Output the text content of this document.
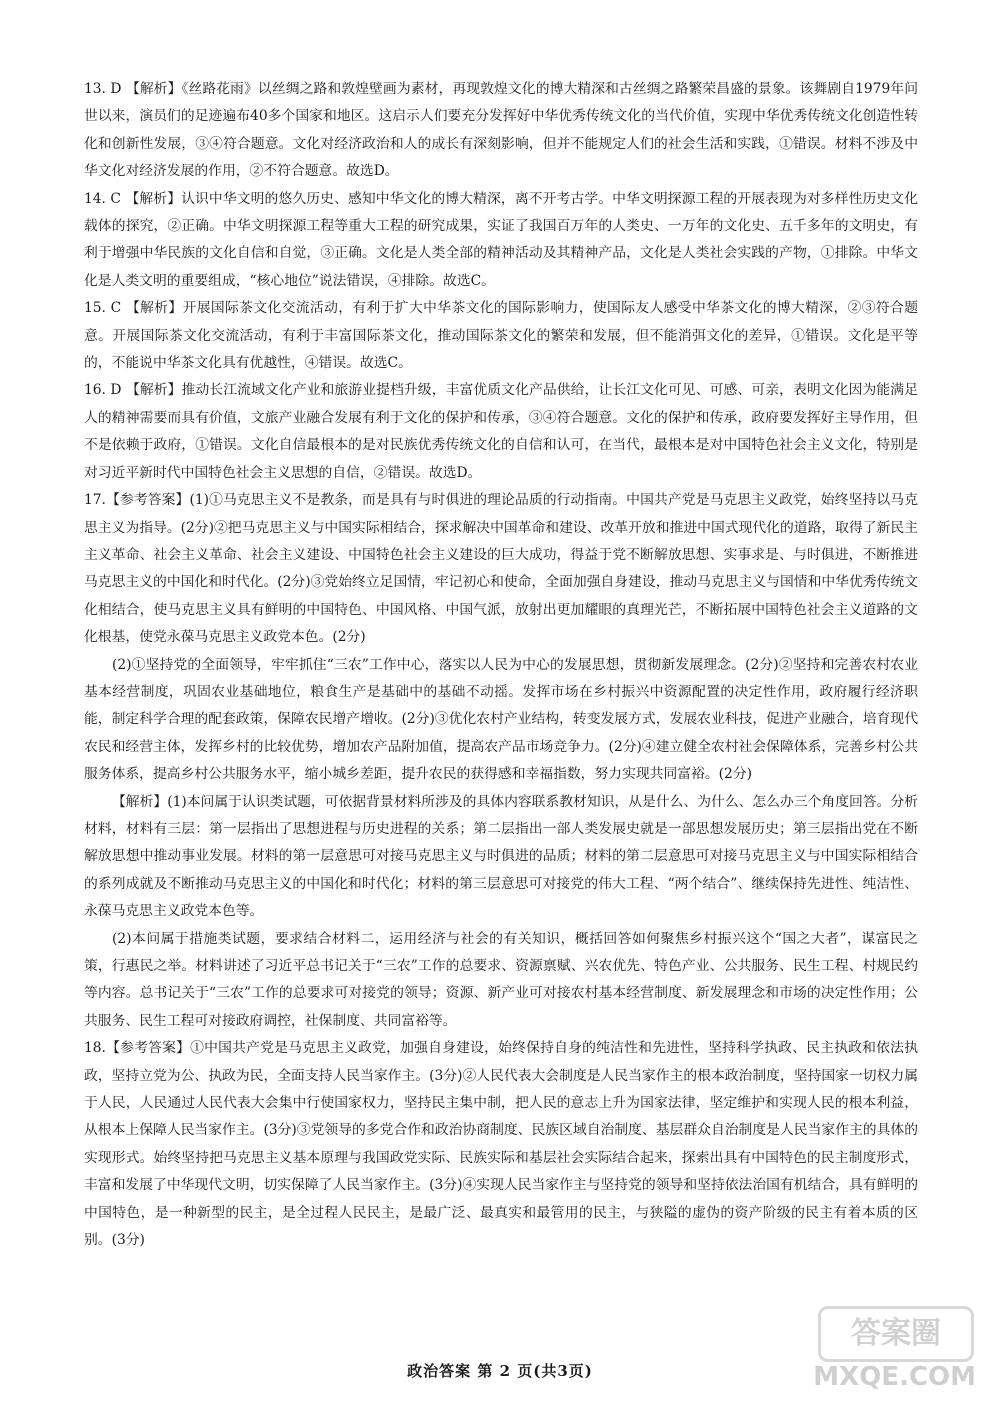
13. D 【解析】《丝路花雨》以丝绸之路和敦煌壁画为素材，再现敦煌文化的博大精深和古丝绸之路繁荣昌盛的景象。该舞剧自1979年问世以来，演员们的足迹遍布40多个国家和地区。这启示人们要充分发挥好中华优秀传统文化的当代价值，实现中华优秀传统文化创造性转化和创新性发展，③④符合题意。文化对经济政治和人的成长有深刻影响，但并不能规定人们的社会生活和实践，①错误。材料不涉及中华文化对经济发展的作用，②不符合题意。故选D。

14. C 【解析】认识中华文明的悠久历史、感知中华文化的博大精深，离不开考古学。中华文明探源工程的开展表现为对多样性历史文化载体的探究，②正确。中华文明探源工程等重大工程的研究成果，实证了我国百万年的人类史、一万年的文化史、五千多年的文明史，有利于增强中华民族的文化自信和自觉，③正确。文化是人类全部的精神活动及其精神产品，文化是人类社会实践的产物，①排除。中华文化是人类文明的重要组成，“核心地位”说法错误，④排除。故选C。

15. C 【解析】开展国际茶文化交流活动，有利于扩大中华茶文化的国际影响力，使国际友人感受中华茶文化的博大精深，②③符合题意。开展国际茶文化交流活动，有利于丰富国际茶文化，推动国际茶文化的繁荣和发展，但不能消弭文化的差异，①错误。文化是平等的，不能说中华茶文化具有优越性，④错误。故选C。

16. D 【解析】推动长江流域文化产业和旅游业提档升级，丰富优质文化产品供给，让长江文化可见、可感、可亲，表明文化因为能满足人的精神需要而具有价值，文旅产业融合发展有利于文化的保护和传承，③④符合题意。文化的保护和传承，政府要发挥好主导作用，但不是依赖于政府，①错误。文化自信最根本的是对民族优秀传统文化的自信和认可，在当代，最根本是对中国特色社会主义文化，特别是对习近平新时代中国特色社会主义思想的自信，②错误。故选D。

17.【参考答案】(1)①马克思主义不是教条，而是具有与时俱进的理论品质的行动指南。中国共产党是马克思主义政党，始终坚持以马克思主义为指导。(2分)②把马克思主义与中国实际相结合，探求解决中国革命和建设、改革开放和推进中国式现代化的道路，取得了新民主主义革命、社会主义革命、社会主义建设、中国特色社会主义建设的巨大成功，得益于党不断解放思想、实事求是、与时俱进，不断推进马克思主义的中国化和时代化。(2分)③党始终立足国情，牢记初心和使命，全面加强自身建设，推动马克思主义与国情和中华优秀传统文化相结合，使马克思主义具有鲜明的中国特色、中国风格、中国气派，放射出更加耀眼的真理光芒，不断拓展中国特色社会主义道路的文化根基，使党永葆马克思主义政党本色。(2分)

(2)①坚持党的全面领导，牢牢抓住“三农”工作中心，落实以人民为中心的发展思想，贯彻新发展理念。(2分)②坚持和完善农村农业基本经营制度，巩固农业基础地位，粮食生产是基础中的基础不动摇。发挥市场在乡村振兴中资源配置的决定性作用，政府履行经济职能，制定科学合理的配套政策，保障农民增产增收。(2分)③优化农村产业结构，转变发展方式，发展农业科技，促进产业融合，培育现代农民和经营主体，发挥乡村的比较优势，增加农产品附加值，提高农产品市场竞争力。(2分)④建立健全农村社会保障体系，完善乡村公共服务体系，提高乡村公共服务水平，缩小城乡差距，提升农民的获得感和幸福指数，努力实现共同富裕。(2分)

【解析】(1)本问属于认识类试题，可依据背景材料所涉及的具体内容联系教材知识，从是什么、为什么、怎么办三个角度回答。分析材料，材料有三层：第一层指出了思想进程与历史进程的关系；第二层指出一部人类发展史就是一部思想发展历史；第三层指出党在不断解放思想中推动事业发展。材料的第一层意思可对接马克思主义与时俱进的品质；材料的第二层意思可对接马克思主义与中国实际相结合的系列成就及不断推动马克思主义的中国化和时代化；材料的第三层意思可对接党的伟大工程、“两个结合”、继续保持先进性、纯洁性、永葆马克思主义政党本色等。

(2)本问属于措施类试题，要求结合材料二，运用经济与社会的有关知识，概括回答如何聚焦乡村振兴这个“国之大者”，谋富民之策，行惠民之举。材料讲述了习近平总书记关于“三农”工作的总要求、资源禀赋、兴农优先、特色产业、公共服务、民生工程、村规民约等内容。总书记关于“三农”工作的总要求可对接党的领导；资源、新产业可对接农村基本经营制度、新发展理念和市场的决定性作用；公共服务、民生工程可对接政府调控，社保制度、共同富裕等。

18.【参考答案】①中国共产党是马克思主义政党，加强自身建设，始终保持自身的纯洁性和先进性，坚持科学执政、民主执政和依法执政，坚持立党为公、执政为民，全面支持人民当家作主。(3分)②人民代表大会制度是人民当家作主的根本政治制度，坚持国家一切权力属于人民，人民通过人民代表大会集中行使国家权力，坚持民主集中制，把人民的意志上升为国家法律，坚定维护和实现人民的根本利益，从根本上保障人民当家作主。(3分)③党领导的多党合作和政治协商制度、民族区域自治制度、基层群众自治制度是人民当家作主的具体的实现形式。始终坚持把马克思主义基本原理与我国政党实际、民族实际和基层社会实际结合起来，探索出具有中国特色的民主制度形式，丰富和发展了中华现代文明，切实保障了人民当家作主。(3分)④实现人民当家作主与坚持党的领导和坚持依法治国有机结合，具有鲜明的中国特色，是一种新型的民主，是全过程人民民主，是最广泛、最真实和最管用的民主，与狭隘的虚伪的资产阶级的民主有着本质的区别。(3分)

政治答案 第 2 页(共3页)
答案圈
MXQE.COM
